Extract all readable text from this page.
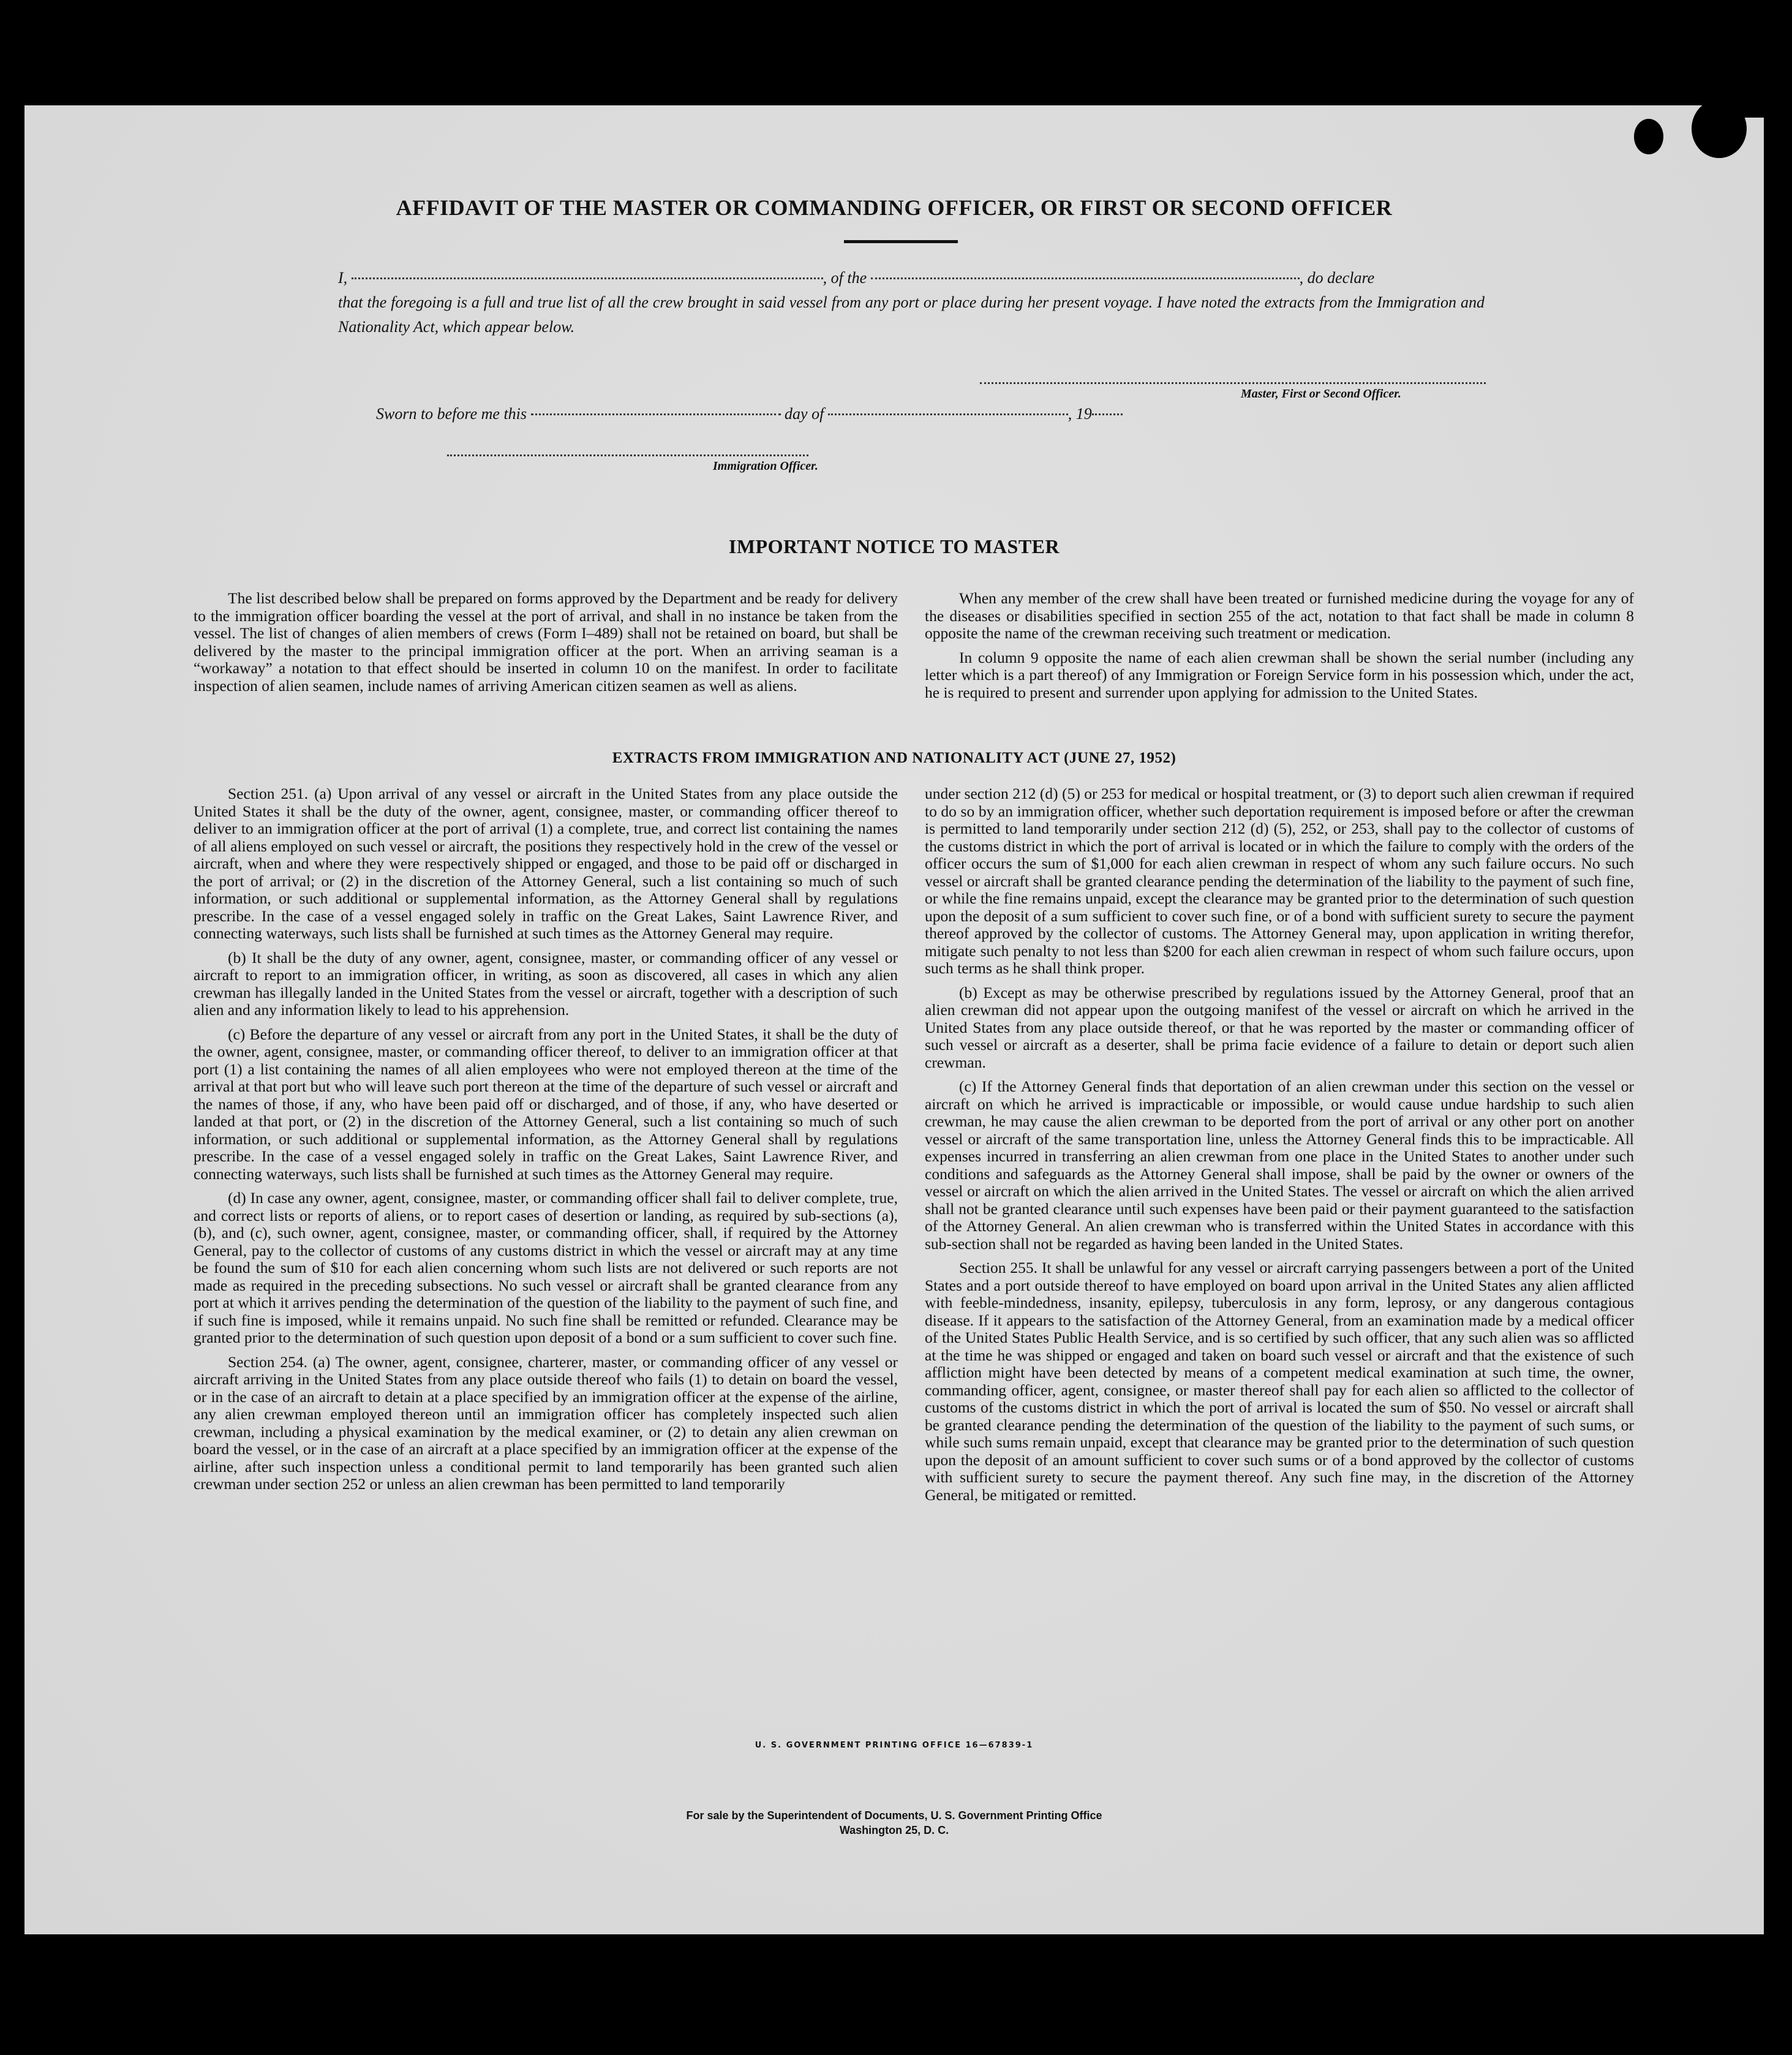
AFFIDAVIT OF THE MASTER OR COMMANDING OFFICER, OR FIRST OR SECOND OFFICER
I,	, of the	, do declare
that the foregoing is a full and true list of all the crew brought in said vessel from any port or place during her present voyage. I have noted the extracts from the Immigration and Nationality Act, which appear below.
Master, First or Second Officer.
Sworn to before me this	day of	, 19
Immigration Officer.
IMPORTANT NOTICE TO MASTER

The list described below shall be prepared on forms approved by the Department and be ready for delivery to the immigration officer boarding the vessel at the port of arrival, and shall in no instance be taken from the vessel. The list of changes of alien members of crews (Form I–489) shall not be retained on board, but shall be delivered by the master to the principal immigration officer at the port. When an arriving seaman is a “workaway” a notation to that effect should be inserted in column 10 on the manifest. In order to facilitate inspection of alien seamen, include names of arriving American citizen seamen as well as aliens.

When any member of the crew shall have been treated or furnished medicine during the voyage for any of the diseases or disabilities specified in section 255 of the act, notation to that fact shall be made in column 8 opposite the name of the crewman receiving such treatment or medication.

In column 9 opposite the name of each alien crewman shall be shown the serial number (including any letter which is a part thereof) of any Immigration or Foreign Service form in his possession which, under the act, he is required to present and surrender upon applying for admission to the United States.

EXTRACTS FROM IMMIGRATION AND NATIONALITY ACT (JUNE 27, 1952)

Section 251. (a) Upon arrival of any vessel or aircraft in the United States from any place outside the United States it shall be the duty of the owner, agent, consignee, master, or commanding officer thereof to deliver to an immigration officer at the port of arrival (1) a complete, true, and correct list containing the names of all aliens employed on such vessel or aircraft, the positions they respectively hold in the crew of the vessel or aircraft, when and where they were respectively shipped or engaged, and those to be paid off or discharged in the port of arrival; or (2) in the discretion of the Attorney General, such a list containing so much of such information, or such additional or supplemental information, as the Attorney General shall by regulations prescribe. In the case of a vessel engaged solely in traffic on the Great Lakes, Saint Lawrence River, and connecting waterways, such lists shall be furnished at such times as the Attorney General may require.

(b) It shall be the duty of any owner, agent, consignee, master, or commanding officer of any vessel or aircraft to report to an immigration officer, in writing, as soon as discovered, all cases in which any alien crewman has illegally landed in the United States from the vessel or aircraft, together with a description of such alien and any information likely to lead to his apprehension.

(c) Before the departure of any vessel or aircraft from any port in the United States, it shall be the duty of the owner, agent, consignee, master, or commanding officer thereof, to deliver to an immigration officer at that port (1) a list containing the names of all alien employees who were not employed thereon at the time of the arrival at that port but who will leave such port thereon at the time of the departure of such vessel or aircraft and the names of those, if any, who have been paid off or discharged, and of those, if any, who have deserted or landed at that port, or (2) in the discretion of the Attorney General, such a list containing so much of such information, or such additional or supplemental information, as the Attorney General shall by regulations prescribe. In the case of a vessel engaged solely in traffic on the Great Lakes, Saint Lawrence River, and connecting waterways, such lists shall be furnished at such times as the Attorney General may require.

(d) In case any owner, agent, consignee, master, or commanding officer shall fail to deliver complete, true, and correct lists or reports of aliens, or to report cases of desertion or landing, as required by sub-sections (a), (b), and (c), such owner, agent, consignee, master, or commanding officer, shall, if required by the Attorney General, pay to the collector of customs of any customs district in which the vessel or aircraft may at any time be found the sum of $10 for each alien concerning whom such lists are not delivered or such reports are not made as required in the preceding subsections. No such vessel or aircraft shall be granted clearance from any port at which it arrives pending the determination of the question of the liability to the payment of such fine, and if such fine is imposed, while it remains unpaid. No such fine shall be remitted or refunded. Clearance may be granted prior to the determination of such question upon deposit of a bond or a sum sufficient to cover such fine.

Section 254. (a) The owner, agent, consignee, charterer, master, or commanding officer of any vessel or aircraft arriving in the United States from any place outside thereof who fails (1) to detain on board the vessel, or in the case of an aircraft to detain at a place specified by an immigration officer at the expense of the airline, any alien crewman employed thereon until an immigration officer has completely inspected such alien crewman, including a physical examination by the medical examiner, or (2) to detain any alien crewman on board the vessel, or in the case of an aircraft at a place specified by an immigration officer at the expense of the airline, after such inspection unless a conditional permit to land temporarily has been granted such alien crewman under section 252 or unless an alien crewman has been permitted to land temporarily

under section 212 (d) (5) or 253 for medical or hospital treatment, or (3) to deport such alien crewman if required to do so by an immigration officer, whether such deportation requirement is imposed before or after the crewman is permitted to land temporarily under section 212 (d) (5), 252, or 253, shall pay to the collector of customs of the customs district in which the port of arrival is located or in which the failure to comply with the orders of the officer occurs the sum of $1,000 for each alien crewman in respect of whom any such failure occurs. No such vessel or aircraft shall be granted clearance pending the determination of the liability to the payment of such fine, or while the fine remains unpaid, except the clearance may be granted prior to the determination of such question upon the deposit of a sum sufficient to cover such fine, or of a bond with sufficient surety to secure the payment thereof approved by the collector of customs. The Attorney General may, upon application in writing therefor, mitigate such penalty to not less than $200 for each alien crewman in respect of whom such failure occurs, upon such terms as he shall think proper.

(b) Except as may be otherwise prescribed by regulations issued by the Attorney General, proof that an alien crewman did not appear upon the outgoing manifest of the vessel or aircraft on which he arrived in the United States from any place outside thereof, or that he was reported by the master or commanding officer of such vessel or aircraft as a deserter, shall be prima facie evidence of a failure to detain or deport such alien crewman.

(c) If the Attorney General finds that deportation of an alien crewman under this section on the vessel or aircraft on which he arrived is impracticable or impossible, or would cause undue hardship to such alien crewman, he may cause the alien crewman to be deported from the port of arrival or any other port on another vessel or aircraft of the same transportation line, unless the Attorney General finds this to be impracticable. All expenses incurred in transferring an alien crewman from one place in the United States to another under such conditions and safeguards as the Attorney General shall impose, shall be paid by the owner or owners of the vessel or aircraft on which the alien arrived in the United States. The vessel or aircraft on which the alien arrived shall not be granted clearance until such expenses have been paid or their payment guaranteed to the satisfaction of the Attorney General. An alien crewman who is transferred within the United States in accordance with this sub-section shall not be regarded as having been landed in the United States.

Section 255. It shall be unlawful for any vessel or aircraft carrying passengers between a port of the United States and a port outside thereof to have employed on board upon arrival in the United States any alien afflicted with feeble-mindedness, insanity, epilepsy, tuberculosis in any form, leprosy, or any dangerous contagious disease. If it appears to the satisfaction of the Attorney General, from an examination made by a medical officer of the United States Public Health Service, and is so certified by such officer, that any such alien was so afflicted at the time he was shipped or engaged and taken on board such vessel or aircraft and that the existence of such affliction might have been detected by means of a competent medical examination at such time, the owner, commanding officer, agent, consignee, or master thereof shall pay for each alien so afflicted to the collector of customs of the customs district in which the port of arrival is located the sum of $50. No vessel or aircraft shall be granted clearance pending the determination of the question of the liability to the payment of such sums, or while such sums remain unpaid, except that clearance may be granted prior to the determination of such question upon the deposit of an amount sufficient to cover such sums or of a bond approved by the collector of customs with sufficient surety to secure the payment thereof. Any such fine may, in the discretion of the Attorney General, be mitigated or remitted.

U. S. GOVERNMENT PRINTING OFFICE 16—67839-1
For sale by the Superintendent of Documents, U. S. Government Printing Office
Washington 25, D. C.
